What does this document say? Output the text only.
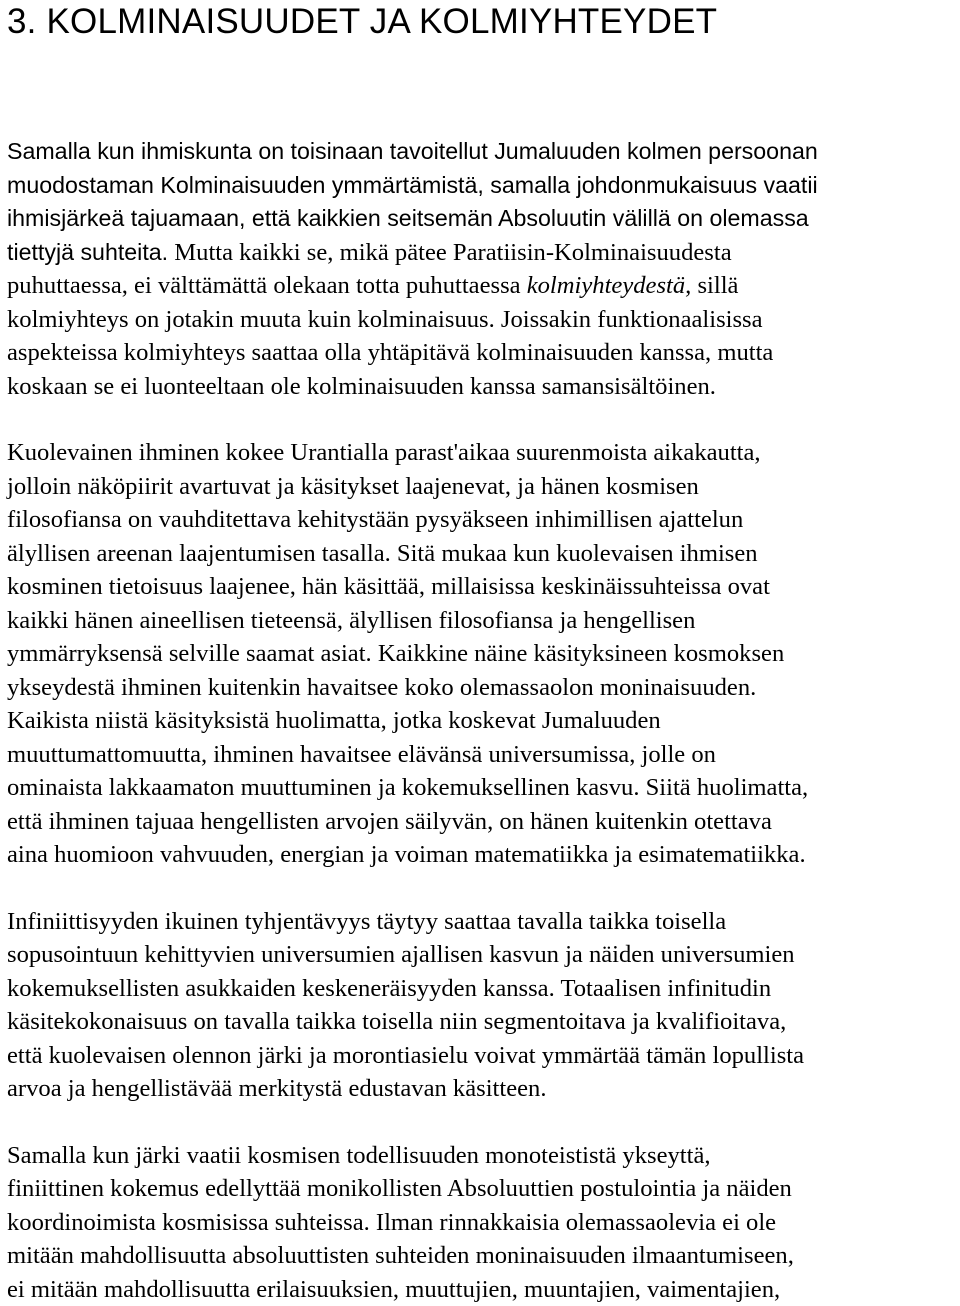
3. KOLMINAISUUDET JA KOLMIYHTEYDET

Samalla kun ihmiskunta on toisinaan tavoitellut Jumaluuden kolmen persoonan
muodostaman Kolminaisuuden ymmärtämistä, samalla johdonmukaisuus vaatii
ihmisjärkeä tajuamaan, että kaikkien seitsemän Absoluutin välillä on olemassa
tiettyjä suhteita. Mutta kaikki se, mikä pätee Paratiisin-Kolminaisuudesta
puhuttaessa, ei välttämättä olekaan totta puhuttaessa kolmiyhteydestä, sillä
kolmiyhteys on jotakin muuta kuin kolminaisuus. Joissakin funktionaalisissa
aspekteissa kolmiyhteys saattaa olla yhtäpitävä kolminaisuuden kanssa, mutta
koskaan se ei luonteeltaan ole kolminaisuuden kanssa samansisältöinen.

Kuolevainen ihminen kokee Urantialla parast'aikaa suurenmoista aikakautta,
jolloin näköpiirit avartuvat ja käsitykset laajenevat, ja hänen kosmisen
filosofiansa on vauhditettava kehitystään pysyäkseen inhimillisen ajattelun
älyllisen areenan laajentumisen tasalla. Sitä mukaa kun kuolevaisen ihmisen
kosminen tietoisuus laajenee, hän käsittää, millaisissa keskinäissuhteissa ovat
kaikki hänen aineellisen tieteensä, älyllisen filosofiansa ja hengellisen
ymmärryksensä selville saamat asiat. Kaikkine näine käsityksineen kosmoksen
ykseydestä ihminen kuitenkin havaitsee koko olemassaolon moninaisuuden.
Kaikista niistä käsityksistä huolimatta, jotka koskevat Jumaluuden
muuttumattomuutta, ihminen havaitsee elävänsä universumissa, jolle on
ominaista lakkaamaton muuttuminen ja kokemuksellinen kasvu. Siitä huolimatta,
että ihminen tajuaa hengellisten arvojen säilyvän, on hänen kuitenkin otettava
aina huomioon vahvuuden, energian ja voiman matematiikka ja esimatematiikka.

Infiniittisyyden ikuinen tyhjentävyys täytyy saattaa tavalla taikka toisella
sopusointuun kehittyvien universumien ajallisen kasvun ja näiden universumien
kokemuksellisten asukkaiden keskeneräisyyden kanssa. Totaalisen infinitudin
käsitekokonaisuus on tavalla taikka toisella niin segmentoitava ja kvalifioitava,
että kuolevaisen olennon järki ja morontiasielu voivat ymmärtää tämän lopullista
arvoa ja hengellistävää merkitystä edustavan käsitteen.

Samalla kun järki vaatii kosmisen todellisuuden monoteististä ykseyttä,
finiittinen kokemus edellyttää monikollisten Absoluuttien postulointia ja näiden
koordinoimista kosmisissa suhteissa. Ilman rinnakkaisia olemassaolevia ei ole
mitään mahdollisuutta absoluuttisten suhteiden moninaisuuden ilmaantumiseen,
ei mitään mahdollisuutta erilaisuuksien, muuttujien, muuntajien, vaimentajien,
